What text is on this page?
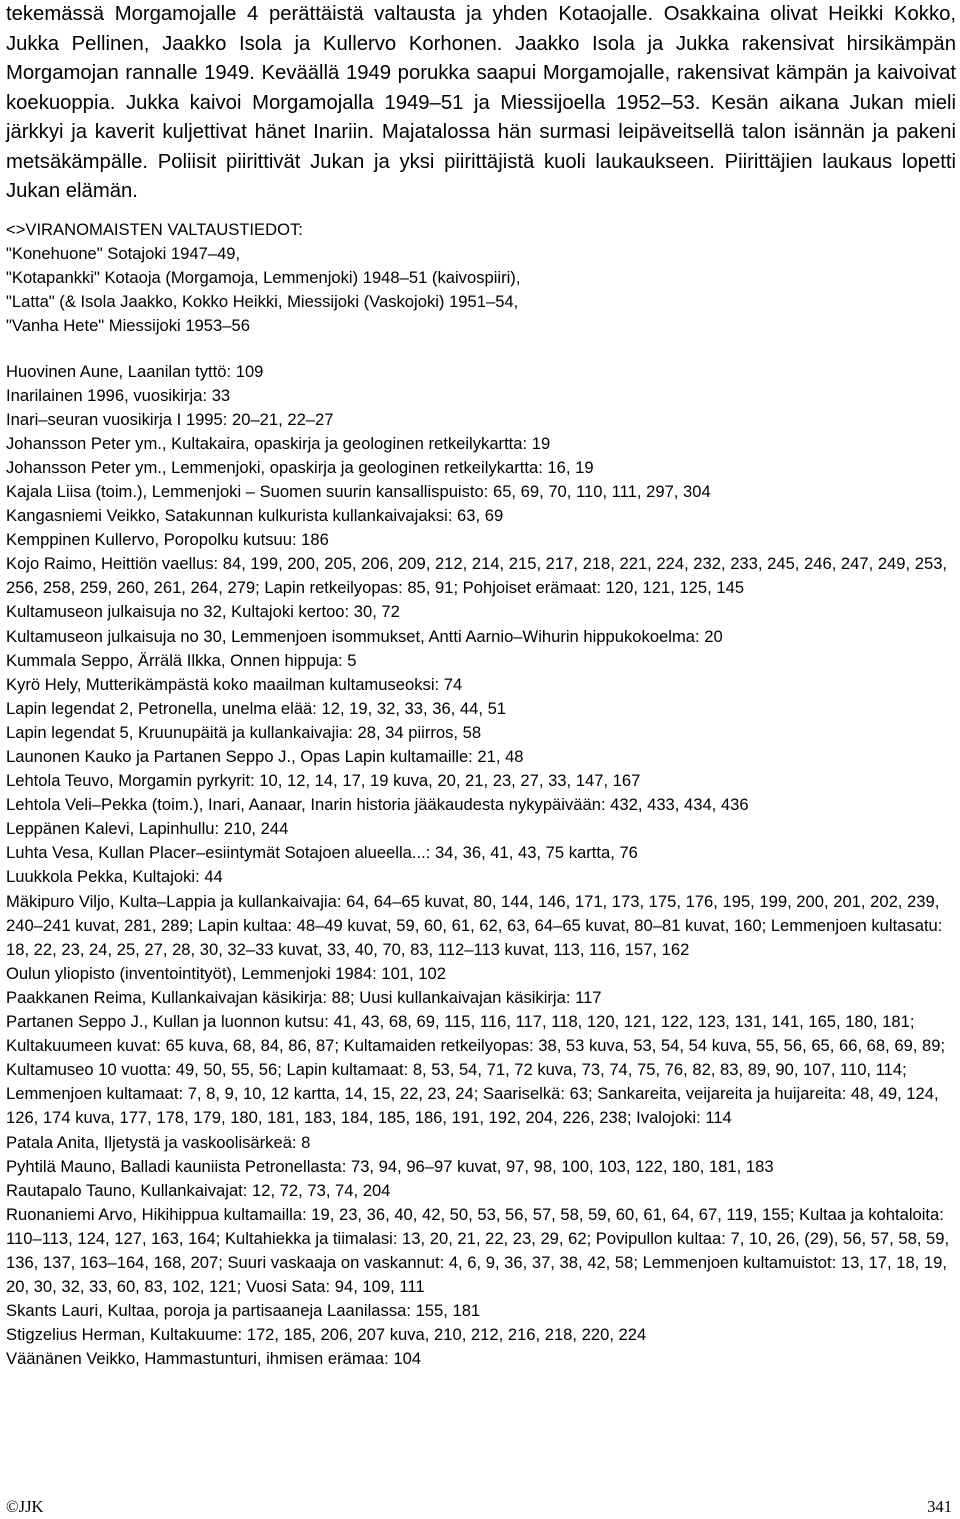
tekemässä Morgamojalle 4 perättäistä valtausta ja yhden Kotaojalle. Osakkaina olivat Heikki Kokko, Jukka Pellinen, Jaakko Isola ja Kullervo Korhonen. Jaakko Isola ja Jukka rakensivat hirsikämpän Morgamojan rannalle 1949. Keväällä 1949 porukka saapui Morgamojalle, rakensivat kämpän ja kaivoivat koekuoppia. Jukka kaivoi Morgamojalla 1949–51 ja Miessijoella 1952–53. Kesän aikana Jukan mieli järkkyi ja kaverit kuljettivat hänet Inariin. Majatalossa hän surmasi leipäveitsellä talon isännän ja pakeni metsäkämpälle. Poliisit piirittivät Jukan ja yksi piirittäjistä kuoli laukaukseen. Piirittäjien laukaus lopetti Jukan elämän.

<>VIRANOMAISTEN VALTAUSTIEDOT:
"Konehuone" Sotajoki 1947–49,
"Kotapankki" Kotaoja (Morgamoja, Lemmenjoki) 1948–51 (kaivospiiri),
"Latta" (& Isola Jaakko, Kokko Heikki, Miessijoki (Vaskojoki) 1951–54,
"Vanha Hete" Miessijoki 1953–56

Huovinen Aune, Laanilan tyttö: 109

Inarilainen 1996, vuosikirja: 33

Inari–seuran vuosikirja I 1995: 20–21, 22–27

Johansson Peter ym., Kultakaira, opaskirja ja geologinen retkeilykartta: 19

Johansson Peter ym., Lemmenjoki, opaskirja ja geologinen retkeilykartta: 16, 19

Kajala Liisa (toim.), Lemmenjoki – Suomen suurin kansallispuisto: 65, 69, 70, 110, 111, 297, 304

Kangasniemi Veikko, Satakunnan kulkurista kullankaivajaksi: 63, 69

Kemppinen Kullervo, Poropolku kutsuu: 186

Kojo Raimo, Heittiön vaellus: 84, 199, 200, 205, 206, 209, 212, 214, 215, 217, 218, 221, 224, 232, 233, 245, 246, 247, 249, 253, 256, 258, 259, 260, 261, 264, 279; Lapin retkeilyopas: 85, 91; Pohjoiset erämaat: 120, 121, 125, 145

Kultamuseon julkaisuja no 32, Kultajoki kertoo: 30, 72

Kultamuseon julkaisuja no 30, Lemmenjoen isommukset, Antti Aarnio–Wihurin hippukokoelma: 20

Kummala Seppo, Ärrälä Ilkka, Onnen hippuja: 5

Kyrö Hely, Mutterikämpästä koko maailman kultamuseoksi: 74

Lapin legendat 2, Petronella, unelma elää: 12, 19, 32, 33, 36, 44, 51

Lapin legendat 5, Kruunupäitä ja kullankaivajia: 28, 34 piirros, 58

Launonen Kauko ja Partanen Seppo J., Opas Lapin kultamaille: 21, 48

Lehtola Teuvo, Morgamin pyrkyrit: 10, 12, 14, 17, 19 kuva, 20, 21, 23, 27, 33, 147, 167

Lehtola Veli–Pekka (toim.), Inari, Aanaar, Inarin historia jääkaudesta nykypäivään: 432, 433, 434, 436

Leppänen Kalevi, Lapinhullu: 210, 244

Luhta Vesa, Kullan Placer–esiintymät Sotajoen alueella...: 34, 36, 41, 43, 75 kartta, 76

Luukkola Pekka, Kultajoki: 44

Mäkipuro Viljo, Kulta–Lappia ja kullankaivajia: 64, 64–65 kuvat, 80, 144, 146, 171, 173, 175, 176, 195, 199, 200, 201, 202, 239, 240–241 kuvat, 281, 289; Lapin kultaa: 48–49 kuvat, 59, 60, 61, 62, 63, 64–65 kuvat, 80–81 kuvat, 160; Lemmenjoen kultasatu: 18, 22, 23, 24, 25, 27, 28, 30, 32–33 kuvat, 33, 40, 70, 83, 112–113 kuvat, 113, 116, 157, 162

Oulun yliopisto (inventointityöt), Lemmenjoki 1984: 101, 102

Paakkanen Reima, Kullankaivajan käsikirja: 88; Uusi kullankaivajan käsikirja: 117

Partanen Seppo J., Kullan ja luonnon kutsu: 41, 43, 68, 69, 115, 116, 117, 118, 120, 121, 122, 123, 131, 141, 165, 180, 181; Kultakuumeen kuvat: 65 kuva, 68, 84, 86, 87; Kultamaiden retkeilyopas: 38, 53 kuva, 53, 54, 54 kuva, 55, 56, 65, 66, 68, 69, 89; Kultamuseo 10 vuotta: 49, 50, 55, 56; Lapin kultamaat: 8, 53, 54, 71, 72 kuva, 73, 74, 75, 76, 82, 83, 89, 90, 107, 110, 114; Lemmenjoen kultamaat: 7, 8, 9, 10, 12 kartta, 14, 15, 22, 23, 24; Saariselkä: 63; Sankareita, veijareita ja huijareita: 48, 49, 124, 126, 174 kuva, 177, 178, 179, 180, 181, 183, 184, 185, 186, 191, 192, 204, 226, 238; Ivalojoki: 114

Patala Anita, Iljetystä ja vaskoolisärkeä: 8

Pyhtilä Mauno, Balladi kauniista Petronellasta: 73, 94, 96–97 kuvat, 97, 98, 100, 103, 122, 180, 181, 183

Rautapalo Tauno, Kullankaivajat: 12, 72, 73, 74, 204

Ruonaniemi Arvo, Hikihippua kultamailla: 19, 23, 36, 40, 42, 50, 53, 56, 57, 58, 59, 60, 61, 64, 67, 119, 155; Kultaa ja kohtaloita: 110–113, 124, 127, 163, 164; Kultahiekka ja tiimalasi: 13, 20, 21, 22, 23, 29, 62; Povipullon kultaa: 7, 10, 26, (29), 56, 57, 58, 59, 136, 137, 163–164, 168, 207; Suuri vaskaaja on vaskannut: 4, 6, 9, 36, 37, 38, 42, 58; Lemmenjoen kultamuistot: 13, 17, 18, 19, 20, 30, 32, 33, 60, 83, 102, 121; Vuosi Sata: 94, 109, 111

Skants Lauri, Kultaa, poroja ja partisaaneja Laanilassa: 155, 181

Stigzelius Herman, Kultakuume: 172, 185, 206, 207 kuva, 210, 212, 216, 218, 220, 224

Väänänen Veikko, Hammastunturi, ihmisen erämaa: 104

©JJK	341
